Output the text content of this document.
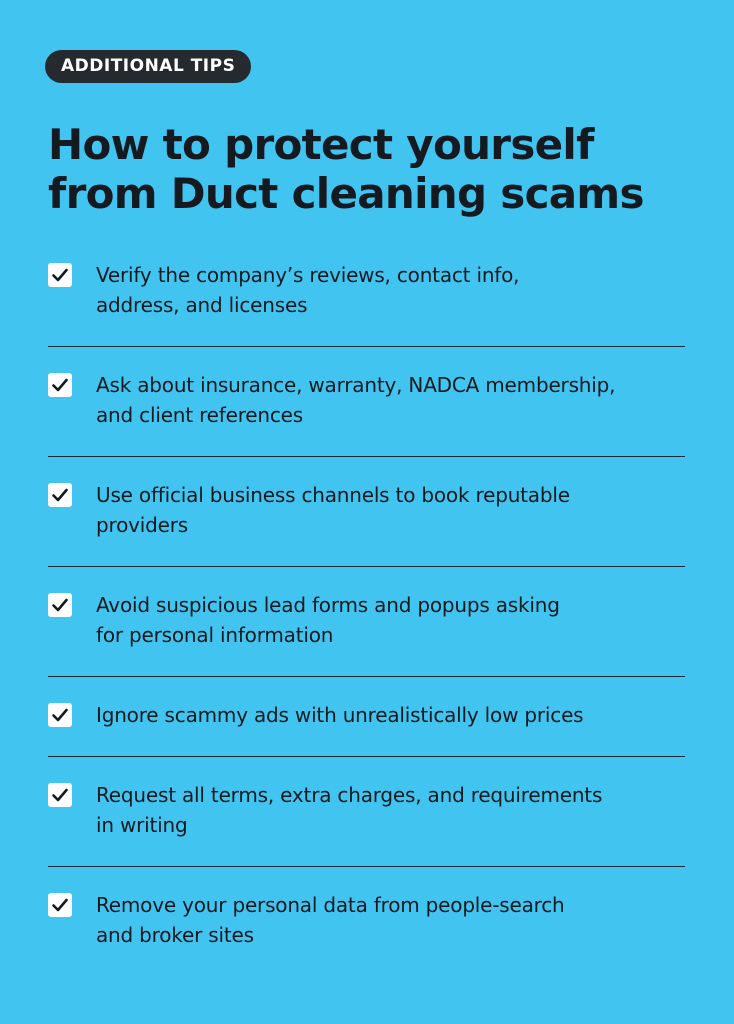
ADDITIONAL TIPS
How to protect yourself
from Duct cleaning scams
Verify the company’s reviews, contact info,
address, and licenses
Ask about insurance, warranty, NADCA membership,
and client references
Use official business channels to book reputable
providers
Avoid suspicious lead forms and popups asking
for personal information
Ignore scammy ads with unrealistically low prices
Request all terms, extra charges, and requirements
in writing
Remove your personal data from people-search
and broker sites
